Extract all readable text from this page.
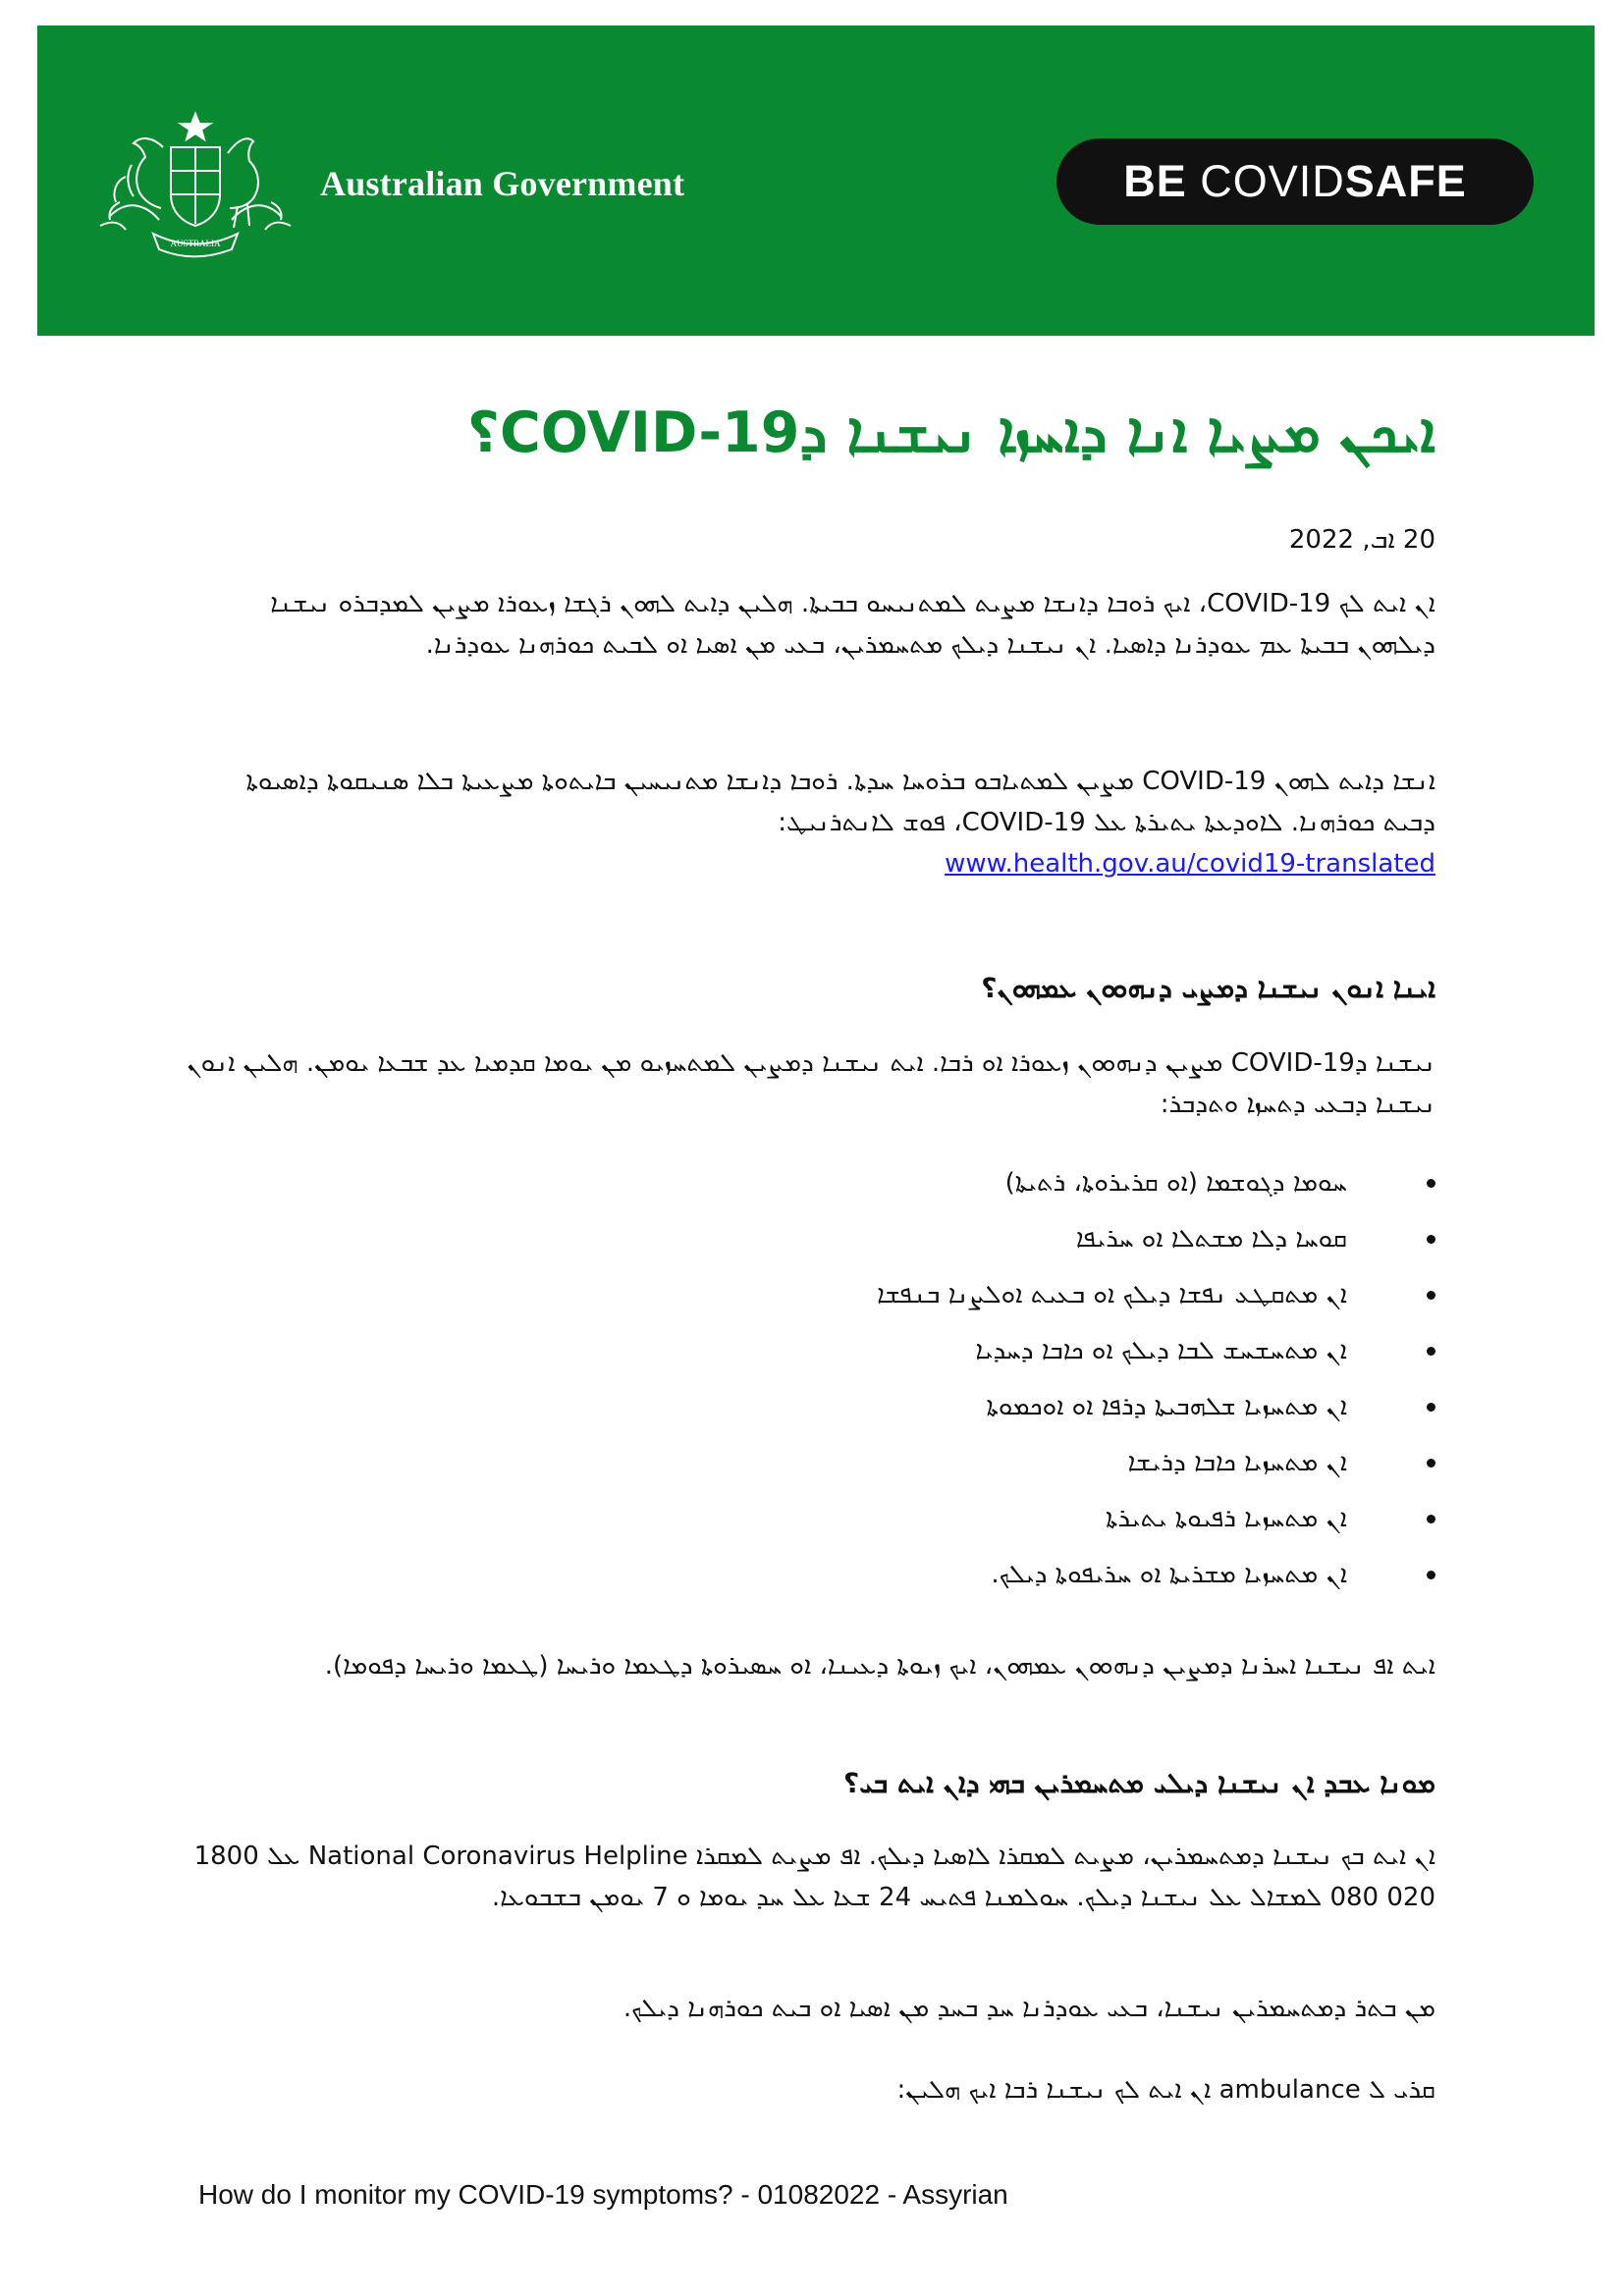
AUSTRALIA
Australian Government	BE COVIDSAFE
ܐܝܟܢ ܡܨܝܐ ܐܢܐ ܕܐܚܙܐ ܢܝܫܢܐ ܕCOVID-19؟
20 ܐܒ, 2022
ܐܢ ܐܝܬ ܠܟ COVID-19، ܐܝܟ ܪܘܒܐ ܕܐܢܫܐ ܡܨܝܬ ܠܡܬܢܝܚܘ ܒܒܝܬܐ. ܗܠܝܢ ܕܐܝܬ ܠܗܘܢ ܪܓܫܐ ܙܥܘܪܐ ܡܨܝܢ ܠܡܕܒܪܘ ܢܝܫܢܐ ܕܝܠܗܘܢ ܒܒܝܬܐ ܥܡ ܥܘܕܪܢܐ ܕܐܣܝܐ. ܐܢ ܢܝܫܢܐ ܕܝܠܟ ܡܬܚܡܪܝܢ، ܒܥܝ ܡܢ ܐܣܝܐ ܐܘ ܠܒܝܬ ܟܘܪܗܢܐ ܥܘܕܪܢܐ.
ܐܢܫܐ ܕܐܝܬ ܠܗܘܢ COVID-19 ܡܨܝܢ ܠܡܬܝܐܒܘ ܒܪܘܚܐ ܚܕܬܐ. ܪܘܒܐ ܕܐܢܫܐ ܡܬܢܝܚܝܢ ܒܐܝܬܘܬܐ ܡܨܥܝܬܐ ܒܠܐ ܣܢܝܩܘܬܐ ܕܐܣܝܘܬܐ ܕܒܝܬ ܟܘܪܗܢܐ. ܠܐܘܕܥܬܐ ܝܬܝܪܬܐ ܥܠ COVID-19، ܦܘܫ ܠܐܢܬܪܢܝܛ:
www.health.gov.au/covid19-translated
ܐܝܢܐ ܐܢܘܢ ܢܝܫܢܐ ܕܡܨܝ ܕܢܗܘܘܢ ܥܡܗܘܢ؟
ܢܝܫܢܐ ܕCOVID-19 ܡܨܝܢ ܕܢܗܘܘܢ ܙܥܘܪܐ ܐܘ ܪܒܐ. ܐܝܬ ܢܝܫܢܐ ܕܡܨܝܢ ܠܡܬܚܙܝܘ ܡܢ ܝܘܡܐ ܩܕܡܝܐ ܥܕ ܫܒܥܐ ܝܘܡܢ. ܗܠܝܢ ܐܢܘܢ ܢܝܫܢܐ ܕܒܥܝ ܕܬܚܙܐ ܘܬܕܒܪ:
ܚܘܡܐ ܕܓܘܫܡܐ (ܐܘ ܩܪܝܪܘܬܐ، ܪܬܝܬܐ)
ܩܘܚܐ ܕܠܐ ܡܫܬܠܐ ܐܘ ܚܪܝܦܐ
ܐܢ ܡܬܩܛܥ ܢܦܫܐ ܕܝܠܟ ܐܘ ܒܥܝܬ ܐܘܠܨܢܐ ܒܢܦܫܐ
ܐܢ ܡܬܚܫܚܫ ܠܒܐ ܕܝܠܟ ܐܘ ܟܐܒܐ ܕܚܕܝܐ
ܐܢ ܡܬܚܙܝܐ ܫܠܗܒܝܬܐ ܕܪܦܐ ܐܘ ܐܘܟܡܘܬܐ
ܐܢ ܡܬܚܙܝܐ ܟܐܒܐ ܕܪܝܫܐ
ܐܢ ܡܬܚܙܝܐ ܪܦܝܘܬܐ ܝܬܝܪܬܐ
ܐܢ ܡܬܚܙܝܐ ܡܫܪܝܬܐ ܐܘ ܚܪܝܦܘܬܐ ܕܝܠܟ.
ܐܝܬ ܐܦ ܢܝܫܢܐ ܐܚܪܢܐ ܕܡܨܝܢ ܕܢܗܘܘܢ ܥܡܗܘܢ، ܐܝܟ ܙܝܘܬܐ ܕܥܝܢܐ، ܐܘ ܚܣܝܪܘܬܐ ܕܛܥܡܐ ܘܪܝܚܐ (ܛܥܡܐ ܘܪܝܚܐ ܕܦܘܡܐ).
ܡܘܢܐ ܥܒܕ ܐܢ ܢܝܫܢܐ ܕܝܠܝ ܡܬܚܡܪܝܢ ܒܗܝ ܕܐܢ ܐܝܬ ܒܝ؟
ܐܢ ܐܝܬ ܒܟ ܢܝܫܢܐ ܕܡܬܚܡܪܝܢ، ܡܨܝܬ ܠܡܩܪܐ ܠܐܣܝܐ ܕܝܠܟ. ܐܦ ܡܨܝܬ ܠܡܩܪܐ National Coronavirus Helpline ܥܠ 1800 020 080 ܠܡܫܐܠ ܥܠ ܢܝܫܢܐ ܕܝܠܟ. ܚܘܠܡܢܐ ܦܬܝܚ 24 ܫܥܐ ܥܠ ܚܕ ܝܘܡܐ ܘ 7 ܝܘܡܢ ܒܫܒܘܥܐ.
ܡܢ ܒܬܪ ܕܡܬܚܡܪܝܢ ܢܝܫܢܐ، ܒܥܝ ܥܘܕܪܢܐ ܚܕ ܒܚܕ ܡܢ ܐܣܝܐ ܐܘ ܒܝܬ ܟܘܪܗܢܐ ܕܝܠܟ.
ܩܪܝ ܠ ambulance ܐܢ ܐܝܬ ܠܟ ܢܝܫܢܐ ܪܒܐ ܐܝܟ ܗܠܝܢ:
How do I monitor my COVID-19 symptoms? - 01082022 - Assyrian
